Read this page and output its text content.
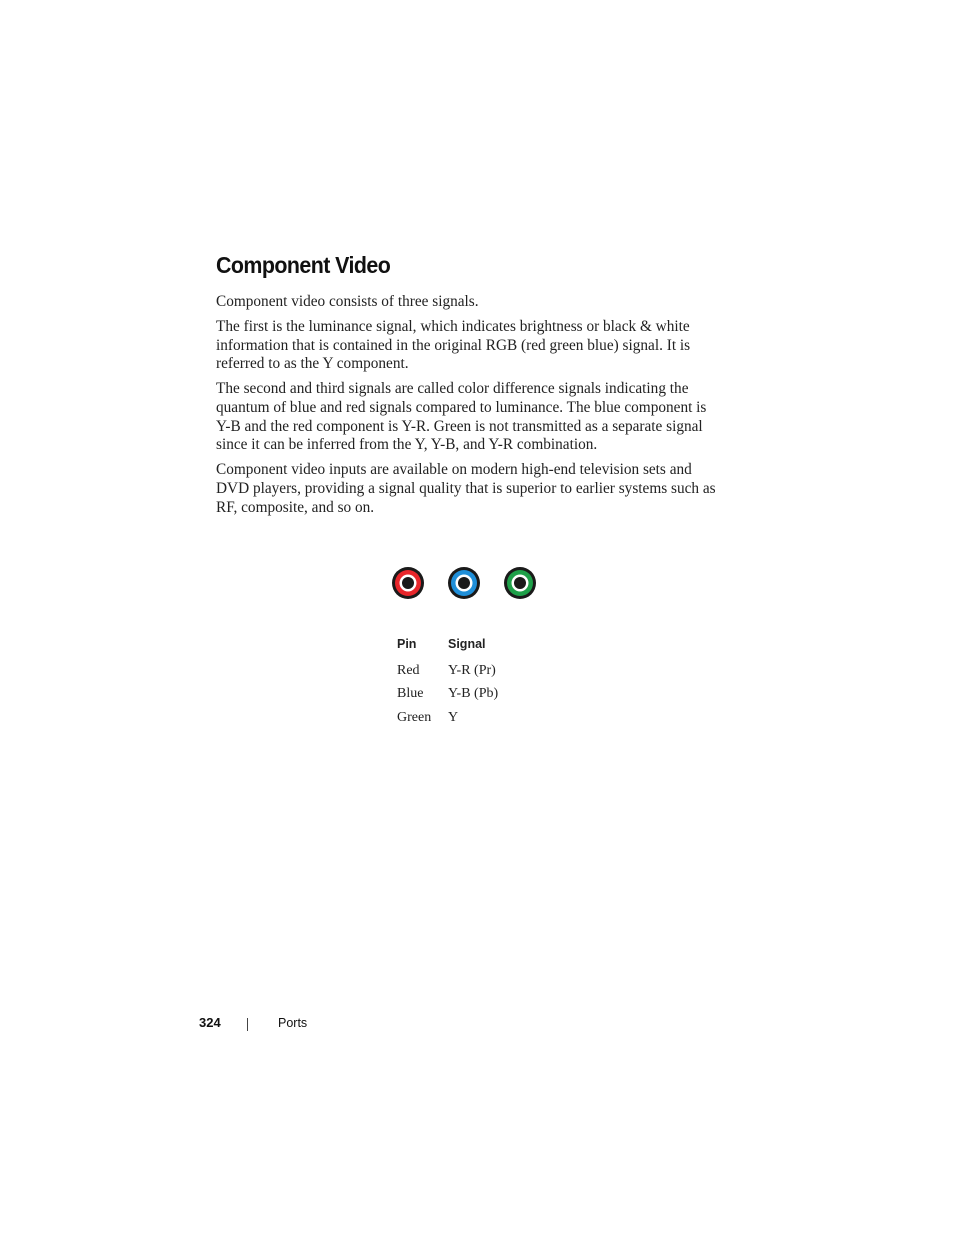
Component Video

Component video consists of three signals.

The first is the luminance signal, which indicates brightness or black & white information that is contained in the original RGB (red green blue) signal. It is referred to as the Y component.

The second and third signals are called color difference signals indicating the quantum of blue and red signals compared to luminance. The blue component is Y-B and the red component is Y-R. Green is not transmitted as a separate signal since it can be inferred from the Y, Y-B, and Y-R combination.

Component video inputs are available on modern high-end television sets and DVD players, providing a signal quality that is superior to earlier systems such as RF, composite, and so on.

Pin	Signal
Red	Y-R (Pr)
Blue	Y-B (Pb)
Green	Y
324	Ports
